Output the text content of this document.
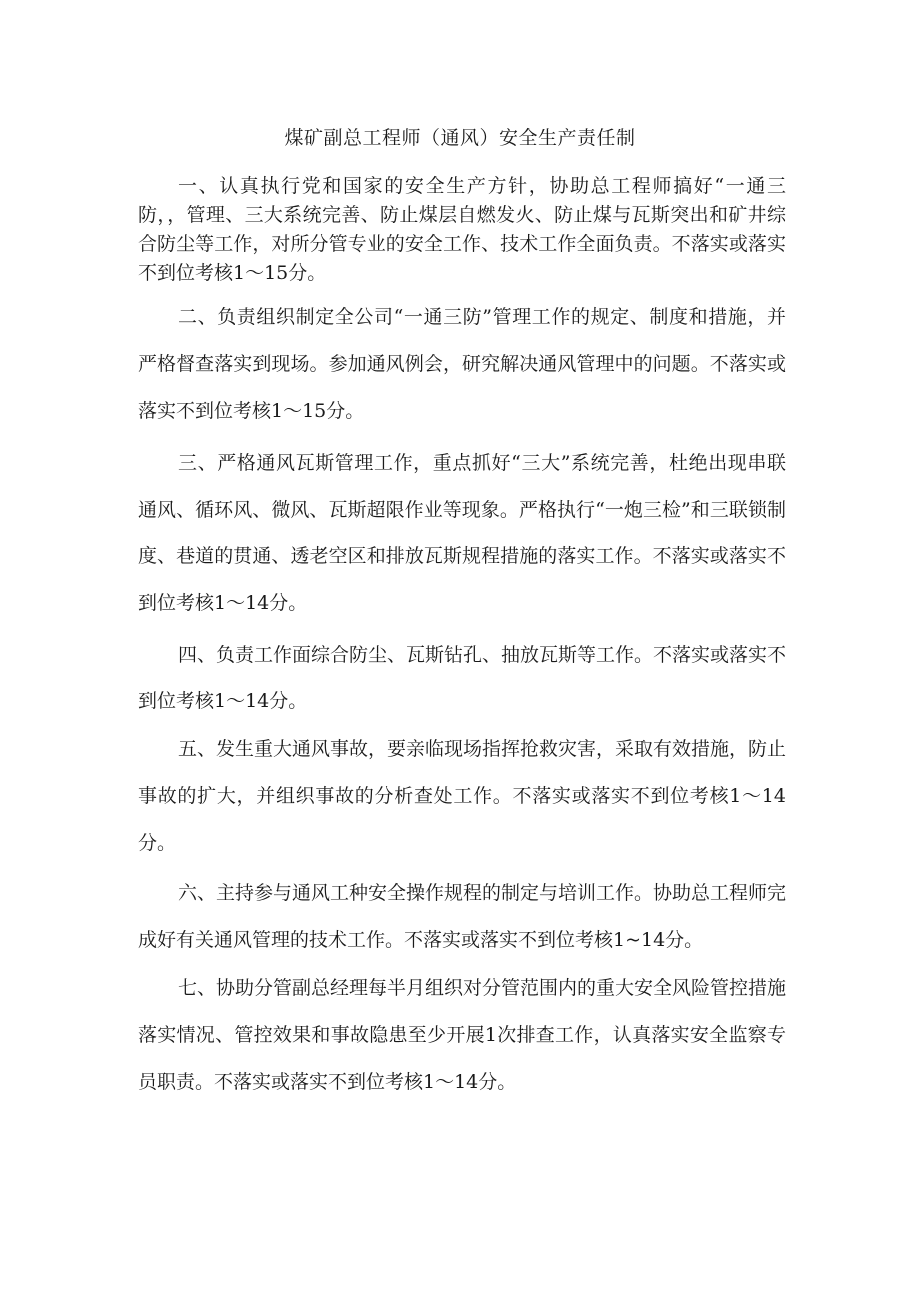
煤矿副总工程师（通风）安全生产责任制

一、认真执行党和国家的安全生产方针，协助总工程师搞好“一通三防，，管理、三大系统完善、防止煤层自燃发火、防止煤与瓦斯突出和矿井综合防尘等工作，对所分管专业的安全工作、技术工作全面负责。不落实或落实不到位考核1～15分。

二、负责组织制定全公司“一通三防”管理工作的规定、制度和措施，并严格督查落实到现场。参加通风例会，研究解决通风管理中的问题。不落实或落实不到位考核1～15分。

三、严格通风瓦斯管理工作，重点抓好“三大”系统完善，杜绝出现串联通风、循环风、微风、瓦斯超限作业等现象。严格执行“一炮三检”和三联锁制度、巷道的贯通、透老空区和排放瓦斯规程措施的落实工作。不落实或落实不到位考核1～14分。

四、负责工作面综合防尘、瓦斯钻孔、抽放瓦斯等工作。不落实或落实不到位考核1～14分。

五、发生重大通风事故，要亲临现场指挥抢救灾害，采取有效措施，防止事故的扩大，并组织事故的分析查处工作。不落实或落实不到位考核1～14分。

六、主持参与通风工种安全操作规程的制定与培训工作。协助总工程师完成好有关通风管理的技术工作。不落实或落实不到位考核1~14分。

七、协助分管副总经理每半月组织对分管范围内的重大安全风险管控措施落实情况、管控效果和事故隐患至少开展1次排查工作，认真落实安全监察专员职责。不落实或落实不到位考核1～14分。
